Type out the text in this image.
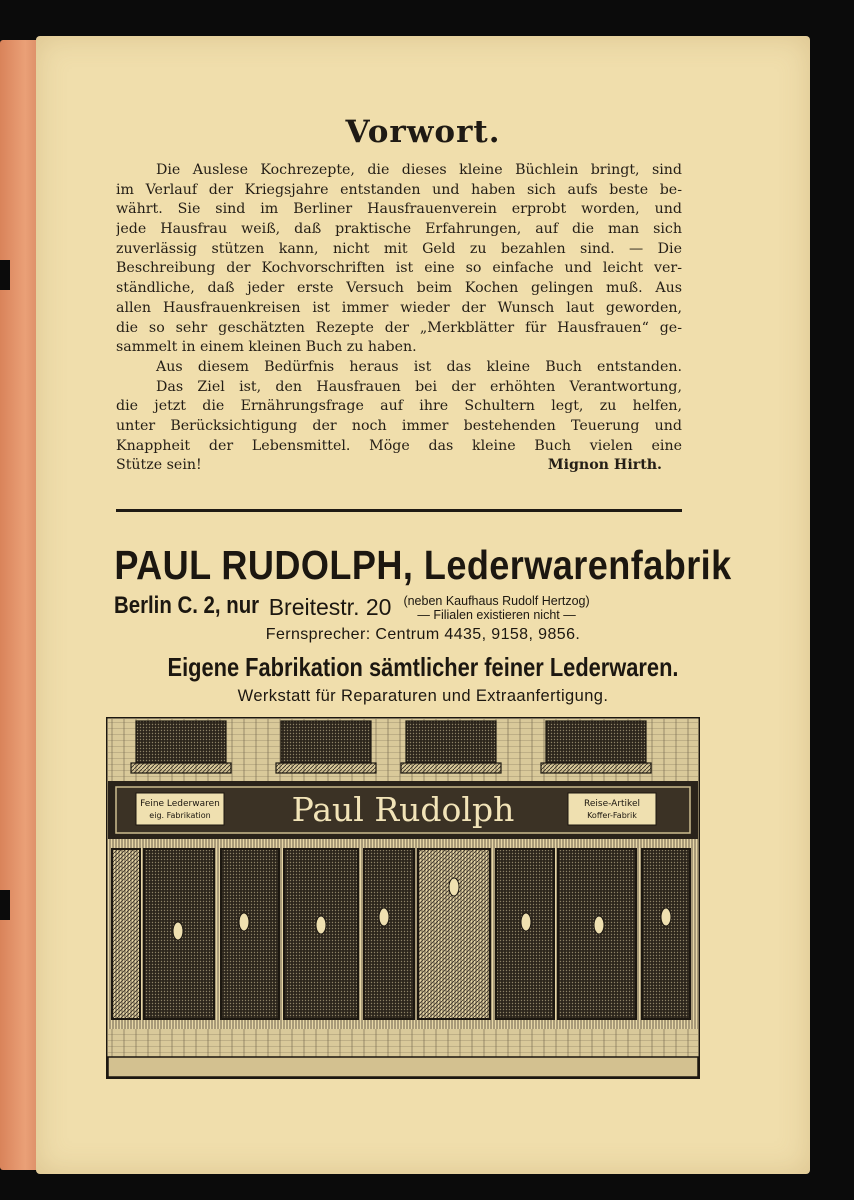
Vorwort.
Die Auslese Kochrezepte, die dieses kleine Büchlein bringt, sind
im Verlauf der Kriegsjahre entstanden und haben sich aufs beste be-
währt. Sie sind im Berliner Hausfrauenverein erprobt worden, und
jede Hausfrau weiß, daß praktische Erfahrungen, auf die man sich
zuverlässig stützen kann, nicht mit Geld zu bezahlen sind. — Die
Beschreibung der Kochvorschriften ist eine so einfache und leicht ver-
ständliche, daß jeder erste Versuch beim Kochen gelingen muß. Aus
allen Hausfrauenkreisen ist immer wieder der Wunsch laut geworden,
die so sehr geschätzten Rezepte der „Merkblätter für Hausfrauen“ ge-
sammelt in einem kleinen Buch zu haben.
Aus diesem Bedürfnis heraus ist das kleine Buch entstanden.
Das Ziel ist, den Hausfrauen bei der erhöhten Verantwortung,
die jetzt die Ernährungsfrage auf ihre Schultern legt, zu helfen,
unter Berücksichtigung der noch immer bestehenden Teuerung und
Knappheit der Lebensmittel. Möge das kleine Buch vielen eine
Stütze sein!	Mignon Hirth.
PAUL RUDOLPH, Lederwarenfabrik
Berlin C. 2, nur Breitestr. 20 (neben Kaufhaus Rudolf Hertzog)
— Filialen existieren nicht —
Fernsprecher: Centrum 4435, 9158, 9856.
Eigene Fabrikation sämtlicher feiner Lederwaren.
Werkstatt für Reparaturen und Extraanfertigung.
Paul Rudolph
Feine Lederwaren
eig. Fabrikation
Reise-Artikel
Koffer-Fabrik
